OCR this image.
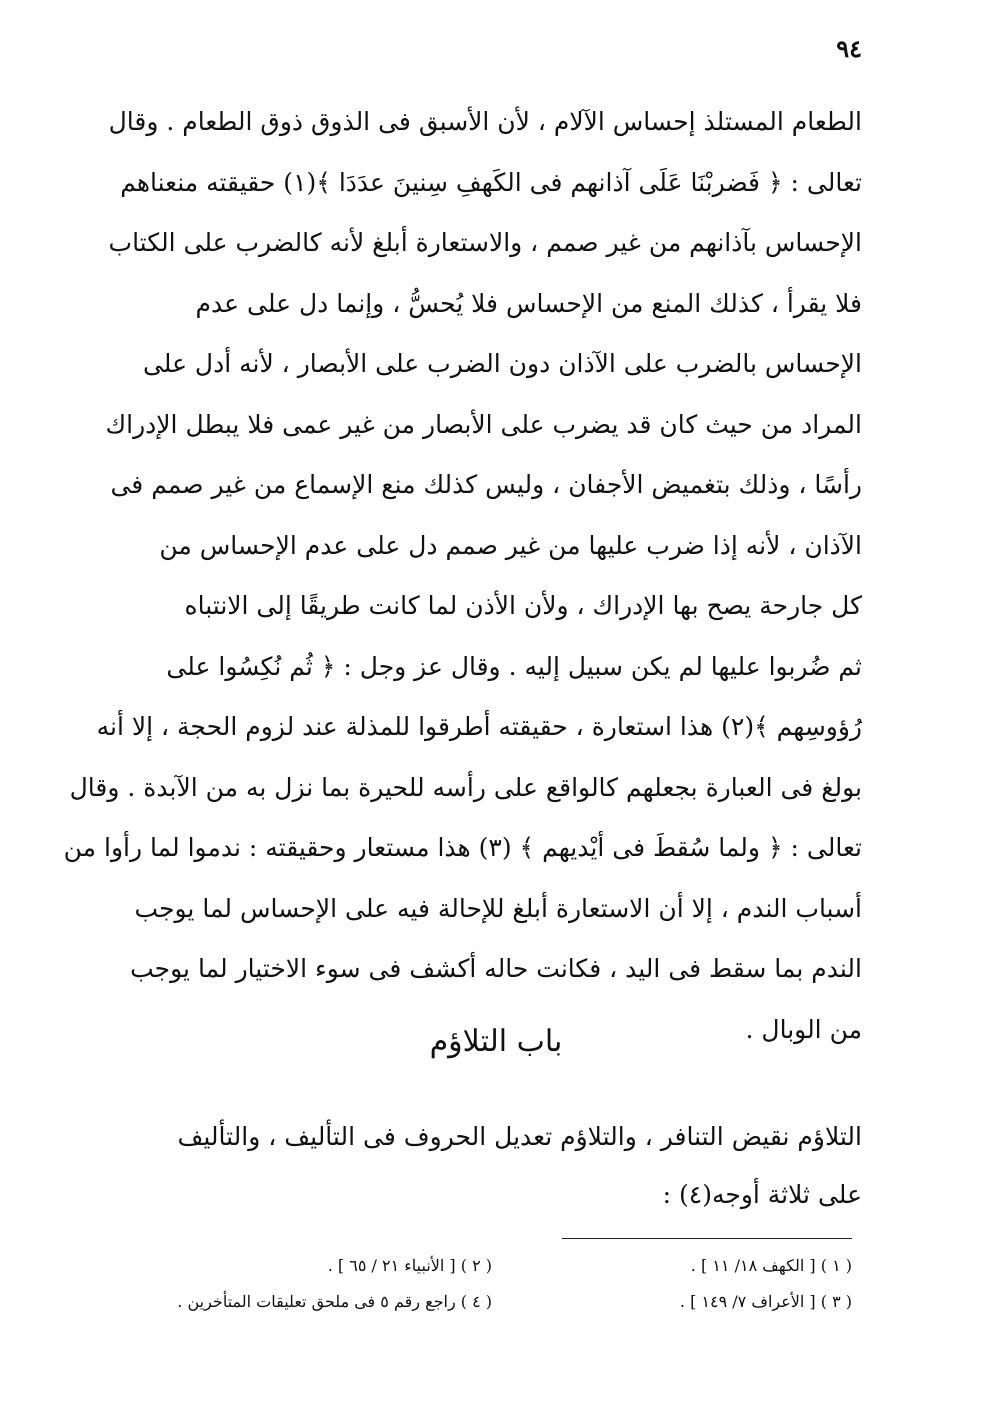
٩٤
الطعام المستلذ إحساس الآلام ، لأن الأسبق فى الذوق ذوق الطعام . وقال
تعالى : ﴿ فَضربْنَا عَلَى آذانهم فى الكَهفِ سِنينَ عدَدَا ﴾(١) حقيقته منعناهم
الإحساس بآذانهم من غير صمم ، والاستعارة أبلغ لأنه كالضرب على الكتاب
فلا يقرأ ، كذلك المنع من الإحساس فلا يُحسُّ ، وإنما دل على عدم
الإحساس بالضرب على الآذان دون الضرب على الأبصار ، لأنه أدل على
المراد من حيث كان قد يضرب على الأبصار من غير عمى فلا يبطل الإدراك
رأسًا ، وذلك بتغميض الأجفان ، وليس كذلك منع الإسماع من غير صمم فى
الآذان ، لأنه إذا ضرب عليها من غير صمم دل على عدم الإحساس من
كل جارحة يصح بها الإدراك ، ولأن الأذن لما كانت طريقًا إلى الانتباه
ثم ضُربوا عليها لم يكن سبيل إليه . وقال عز وجل : ﴿ ثُم نُكِسُوا على
رُؤوسِهم ﴾(٢) هذا استعارة ، حقيقته أطرقوا للمذلة عند لزوم الحجة ، إلا أنه
بولغ فى العبارة بجعلهم كالواقع على رأسه للحيرة بما نزل به من الآبدة . وقال
تعالى : ﴿ ولما سُقطَ فى أيْديهم ﴾ (٣) هذا مستعار وحقيقته : ندموا لما رأوا من
أسباب الندم ، إلا أن الاستعارة أبلغ للإحالة فيه على الإحساس لما يوجب
الندم بما سقط فى اليد ، فكانت حاله أكشف فى سوء الاختيار لما يوجب
من الوبال .
باب التلاؤم
التلاؤم نقيض التنافر ، والتلاؤم تعديل الحروف فى التأليف ، والتأليف
على ثلاثة أوجه(٤) :
( ١ ) [ الكهف ١٨/ ١١ ] .
( ٢ ) [ الأنبياء ٢١ / ٦٥ ] .
( ٣ ) [ الأعراف ٧/ ١٤٩ ] .
( ٤ ) راجع رقم ٥ فى ملحق تعليقات المتأخرين .
